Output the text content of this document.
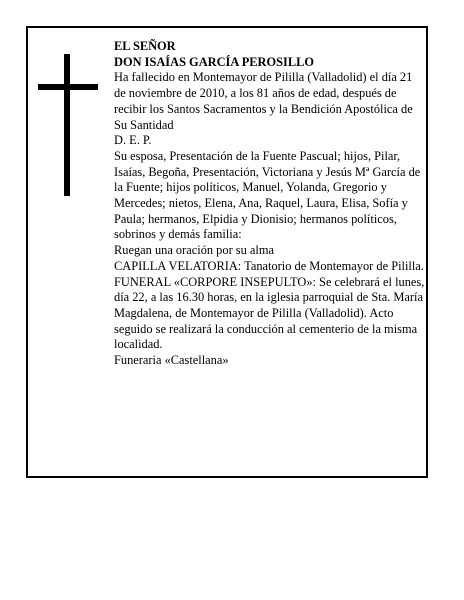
EL SEÑOR

DON ISAÍAS GARCÍA PEROSILLO

Ha fallecido en Montemayor de Pililla (Valladolid) el día 21 de noviembre de 2010, a los 81 años de edad, después de recibir los Santos Sacramentos y la Bendición Apostólica de Su Santidad

D. E. P.

Su esposa, Presentación de la Fuente Pascual; hijos, Pilar, Isaías, Begoña, Presentación, Victoriana y Jesús Mª García de la Fuente; hijos políticos, Manuel, Yolanda, Gregorio y Mercedes; nietos, Elena, Ana, Raquel, Laura, Elisa, Sofía y Paula; hermanos, Elpidia y Dionisio; hermanos políticos, sobrinos y demás familia:

Ruegan una oración por su alma

CAPILLA VELATORIA: Tanatorio de Montemayor de Pililla.

FUNERAL «CORPORE INSEPULTO»: Se celebrará el lunes, día 22, a las 16.30 horas, en la iglesia parroquial de Sta. María Magdalena, de Montemayor de Pililla (Valladolid). Acto seguido se realizará la conducción al cementerio de la misma localidad.

Funeraria «Castellana»
